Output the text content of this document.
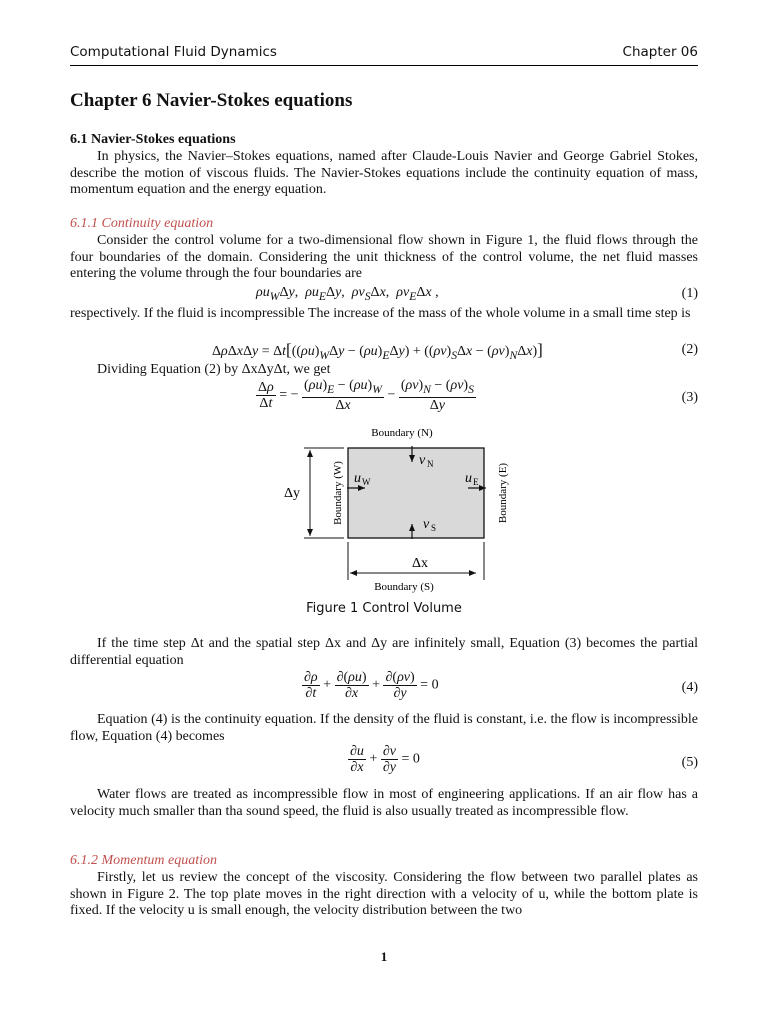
Computational Fluid Dynamics	Chapter 06
Chapter 6 Navier-Stokes equations
6.1 Navier-Stokes equations
In physics, the Navier–Stokes equations, named after Claude-Louis Navier and George Gabriel Stokes, describe the motion of viscous fluids. The Navier-Stokes equations include the continuity equation of mass, momentum equation and the energy equation.
6.1.1 Continuity equation
Consider the control volume for a two-dimensional flow shown in Figure 1, the fluid flows through the four boundaries of the domain. Considering the unit thickness of the control volume, the net fluid masses entering the volume through the four boundaries are
$\rho u_W\Delta y$,  $\rho u_E\Delta y$,  $\rho v_S\Delta x$,  $\rho v_E\Delta x$ ,	(1)
respectively. If the fluid is incompressible The increase of the mass of the whole volume in a small time step is
$\Delta\rho\Delta x\Delta y = \Delta t[((\rho u)_W\Delta y - (\rho u)_E\Delta y) + ((\rho v)_S\Delta x - (\rho v)_N\Delta x)]$	(2)
Dividing Equation (2) by ΔxΔyΔt, we get
$\frac{\Delta\rho}{\Delta t}$ = − $\frac{(\rho u)_E - (\rho u)_W}{\Delta x} - \frac{(\rho v)_N - (\rho v)_S}{\Delta y}$	(3)
Boundary (N)
Boundary (S)
Boundary (W)	Boundary (E)
v N
v S
u W	u E
Δx
Δy
Figure 1 Control Volume
If the time step Δt and the spatial step Δx and Δy are infinitely small, Equation (3) becomes the partial differential equation
$\frac{\partial\rho}{\partial t} + \frac{\partial(\rho u)}{\partial x} + \frac{\partial(\rho v)}{\partial y} = 0$	(4)
Equation (4) is the continuity equation. If the density of the fluid is constant, i.e. the flow is incompressible flow, Equation (4) becomes
$\frac{\partial u}{\partial x} + \frac{\partial v}{\partial y} = 0$	(5)
Water flows are treated as incompressible flow in most of engineering applications. If an air flow has a velocity much smaller than tha sound speed, the fluid is also usually treated as incompressible flow.
6.1.2 Momentum equation
Firstly, let us review the concept of the viscosity. Considering the flow between two parallel plates as shown in Figure 2. The top plate moves in the right direction with a velocity of u, while the bottom plate is fixed. If the velocity u is small enough, the velocity distribution between the two
1
